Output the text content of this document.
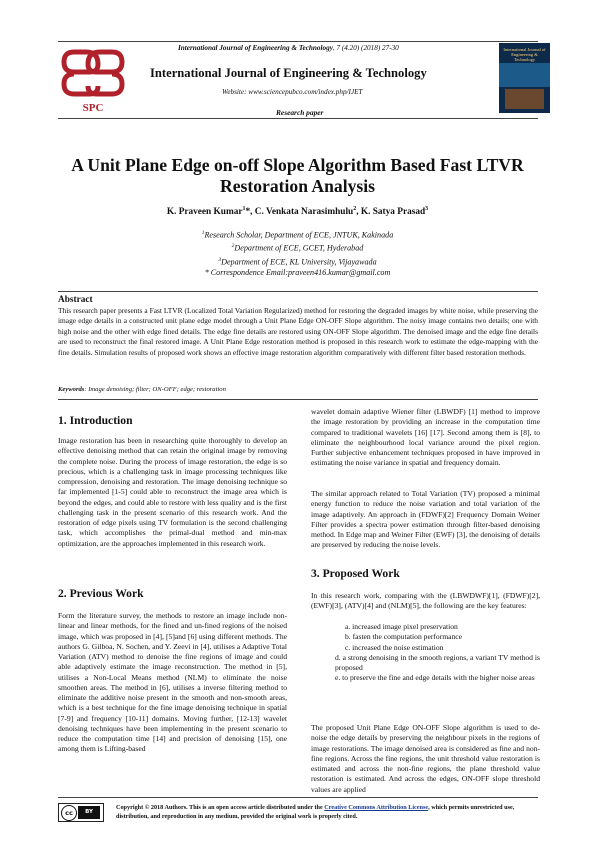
SPC
International Journal of Engineering & Technology
International Journal of Engineering & Technology, 7 (4.20) (2018) 27-30
International Journal of Engineering & Technology
Website: www.sciencepubco.com/index.php/IJET
Research paper
A Unit Plane Edge on-off Slope Algorithm Based Fast LTVR Restoration Analysis
K. Praveen Kumar$^1$*, C. Venkata Narasimhulu$^2$, K. Satya Prasad$^3$
$^1$Research Scholar, Department of ECE, JNTUK, Kakinada
$^2$Department of ECE, GCET, Hyderabad
$^3$Department of ECE, KL University, Vijayawada
* Correspondence Email:praveen416.kumar@gmail.com
Abstract
This research paper presents a Fast LTVR (Localized Total Variation Regularized) method for restoring the degraded images by white noise, while preserving the image edge details in a constructed unit plane edge model through a Unit Plane Edge ON-OFF Slope algorithm. The noisy image contains two details; one with high noise and the other with edge fined details. The edge fine details are restored using ON-OFF Slope algorithm. The denoised image and the edge fine details are used to reconstruct the final restored image. A Unit Plane Edge restoration method is proposed in this research work to estimate the edge-mapping with the fine details. Simulation results of proposed work shows an effective image restoration algorithm comparatively with different filter based restoration methods.
Keywords: Image denoising; filter; ON-OFF; edge; restoration
1. Introduction
Image restoration has been in researching quite thoroughly to develop an effective denoising method that can retain the original image by removing the complete noise. During the process of image restoration, the edge is so precious, which is a challenging task in image processing techniques like compression, denoising and restoration. The image denoising technique so far implemented [1-5] could able to reconstruct the image area which is beyond the edges, and could able to restore with less quality and is the first challenging task in the present scenario of this research work. And the restoration of edge pixels using TV formulation is the second challenging task, which accomplishes the primal-dual method and min-max optimization, are the approaches implemented in this research work.
2. Previous Work
Form the literature survey, the methods to restore an image include non-linear and linear methods, for the fined and un-fined regions of the noised image, which was proposed in [4], [5]and [6] using different methods. The authors G. Gilboa, N. Sochen, and Y. Zeevi in [4], utilises a Adaptive Total Variation (ATV) method to denoise the fine regions of image and could able adaptively estimate the image reconstruction. The method in [5], utilises a Non-Local Means method (NLM) to eliminate the noise smoothen areas. The method in [6], utilises a inverse filtering method to eliminate the additive noise present in the smooth and non-smooth areas, which is a best technique for the fine image denoising technique in spatial [7-9] and frequency [10-11] domains. Moving further, [12-13] wavelet denoising techniques have been implementing in the present scenario to reduce the computation time [14] and precision of denoising [15], one among them is Lifting-based
wavelet domain adaptive Wiener filter (LBWDF) [1] method to improve the image restoration by providing an increase in the computation time compared to traditional wavelets [16] [17]. Second among them is [8], to eliminate the neighbourhood local variance around the pixel region. Further subjective enhancement techniques proposed in have improved in estimating the noise variance in spatial and frequency domain.
The similar approach related to Total Variation (TV) proposed a minimal energy function to reduce the noise variation and total variation of the image adaptively. An approach in (FDWF)[2] Frequency Domain Weiner Filter provides a spectra power estimation through filter-based denoising method. In Edge map and Weiner Filter (EWF) [3], the denoising of details are preserved by reducing the noise levels.
3. Proposed Work
In this research work, comparing with the (LBWDWF)[1], (FDWF)[2], (EWF)[3], (ATV)[4] and (NLM)[5], the following are the key features:
a. increased image pixel preservation
b. fasten the computation performance
c. increased the noise estimation
d. a strong denoising in the smooth regions, a variant TV method is proposed
e. to preserve the fine and edge details with the higher noise areas
The proposed Unit Plane Edge ON-OFF Slope algorithm is used to de-noise the edge details by preserving the neighbour pixels in the regions of image restorations. The image denoised area is considered as fine and non-fine regions. Across the fine regions, the unit threshold value restoration is estimated and across the non-fine regions, the plane threshold value restoration is estimated. And across the edges, ON-OFF slope threshold values are applied
cc	BY
Copyright © 2018 Authors. This is an open access article distributed under the Creative Commons Attribution License, which permits unrestricted use, distribution, and reproduction in any medium, provided the original work is properly cited.
